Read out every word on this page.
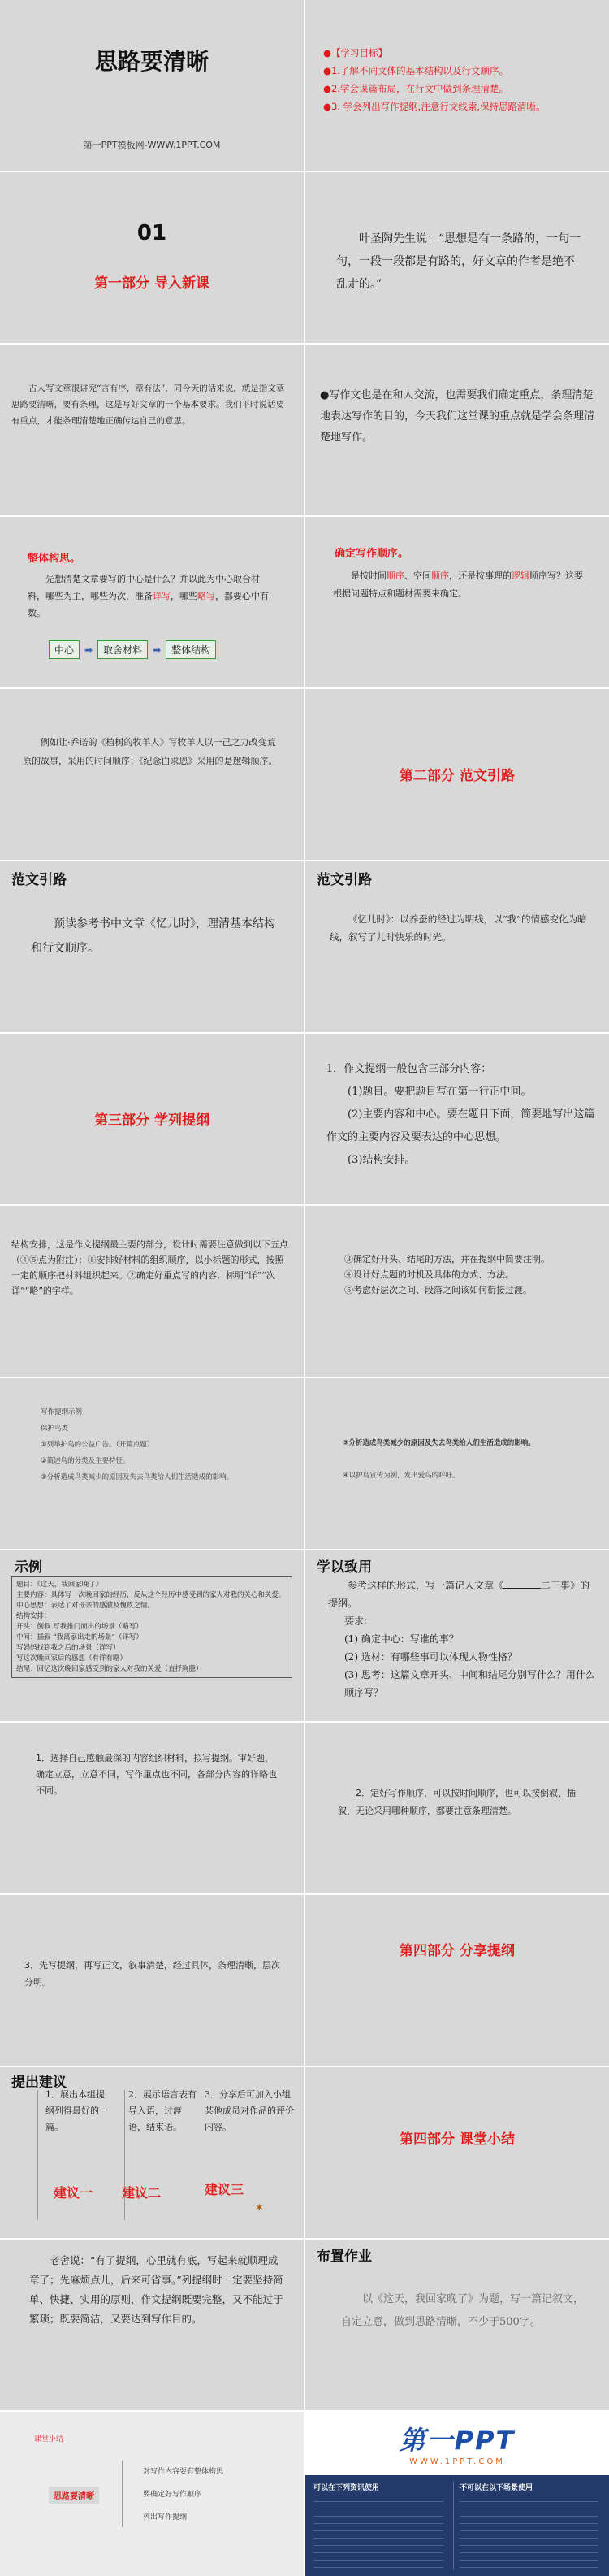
思路要清晰
第一PPT模板网-WWW.1PPT.COM
●【学习目标】
●1.了解不同文体的基本结构以及行文顺序。
●2.学会谋篇布局，在行文中做到条理清楚。
●3. 学会列出写作提纲,注意行文线索,保持思路清晰。
01
第一部分 导入新课

叶圣陶先生说：“思想是有一条路的，一句一句，一段一段都是有路的，好文章的作者是绝不乱走的。”

古人写文章很讲究“言有序，章有法”，同今天的话来说，就是指文章思路要清晰，要有条理，这是写好文章的一个基本要求。我们平时说话要有重点，才能条理清楚地正确传达自己的意思。

●写作文也是在和人交流，也需要我们确定重点，条理清楚地表达写作的目的，今天我们这堂课的重点就是学会条理清楚地写作。

整体构思。

先想清楚文章要写的中心是什么？并以此为中心取合材料，哪些为主，哪些为次，准备详写，哪些略写，都要心中有数。

中心	➡	取舍材料	➡	整体结构
确定写作顺序。

是按时间顺序、空间顺序，还是按事理的逻辑顺序写？这要根据问题特点和题材需要来确定。

例如让·乔诺的《植树的牧羊人》写牧羊人以一己之力改变荒原的故事，采用的时间顺序；《纪念白求恩》采用的是逻辑顺序。

第二部分 范文引路
范文引路

预读参考书中文章《忆儿时》，理清基本结构和行文顺序。

范文引路

《忆儿时》：以养蚕的经过为明线，以“我”的情感变化为暗线，叙写了儿时快乐的时光。

第三部分 学列提纲
1．作文提纲一般包含三部分内容：
(1)题目。要把题目写在第一行正中间。
(2)主要内容和中心。要在题目下面，简要地写出这篇作文的主要内容及要表达的中心思想。
(3)结构安排。

结构安排，这是作文提纲最主要的部分，设计时需要注意做到以下五点（④⑤点为附注）：①安排好材料的组织顺序，以小标题的形式，按照一定的顺序把材料组织起来。②确定好重点写的内容，标明“详”“次详”“略”的字样。

③确定好开头、结尾的方法，并在提纲中简要注明。
④设计好点题的时机及具体的方式、方法。
⑤考虑好层次之间、段落之间该如何衔接过渡。
写作提纲示例
保护鸟类
①列举护鸟的公益广告。（开篇点题）
②简述鸟的分类及主要特征。
③分析造成鸟类减少的原因及失去鸟类给人们生活造成的影响。
③分析造成鸟类减少的原因及失去鸟类给人们生活造成的影响。
④以护鸟宣传为例，发出爱鸟的呼吁。
示例
题目：《这天，我回家晚了》
主要内容：具体写一次晚回家的经历，反从这个经历中感受到的家人对我的关心和关爱。
中心思想：表达了对母亲的感激及愧疚之情。
结构安排：
开头：倒叙 写我推门而出的场景（略写）
中间：插叙 “我离家出走的场景”（详写）
写妈妈找到我之后的场景（详写）
写这次晚回家后的感想（有详有略）
结尾：回忆这次晚回家感受到的家人对我的关爱（直抒胸臆）
学以致用
参考这样的形式，写一篇记人文章《	二三事》的提纲。
要求：
(1) 确定中心：写谁的事？
(2) 选材：有哪些事可以体现人物性格？
(3) 思考：这篇文章开头、中间和结尾分别写什么？用什么顺序写？

1．选择自己感触最深的内容组织材料，拟写提纲。审好题，确定立意，立意不同，写作重点也不同，各部分内容的详略也不同。	2．定好写作顺序，可以按时间顺序，也可以按倒叙、插叙，无论采用哪种顺序，都要注意条理清楚。

3．先写提纲，再写正文，叙事清楚，经过具体，条理清晰，层次分明。

第四部分 分享提纲
提出建议
1．展出本组提纲列得最好的一篇。
2．展示语言表有导入语，过渡语，结束语。
3．分享后可加入小组某他成员对作品的评价内容。
建议一 建议二	建议三
✶
第四部分 课堂小结

老舍说：“有了提纲，心里就有底，写起来就顺理成章了；先麻烦点儿，后来可省事。”列提纲时一定要坚持简单、快捷、实用的原则，作文提纲既要完整，又不能过于繁琐；既要简洁，又要达到写作目的。

布置作业

以《这天，我回家晚了》为题，写一篇记叙文，自定立意，做到思路清晰，不少于500字。

课堂小结
思路要清晰
对写作内容要有整体构思
要确定好写作顺序
列出写作提纲
第一PPT
WWW.1PPT.COM
可以在下列资讯使用	不可以在以下场景使用
